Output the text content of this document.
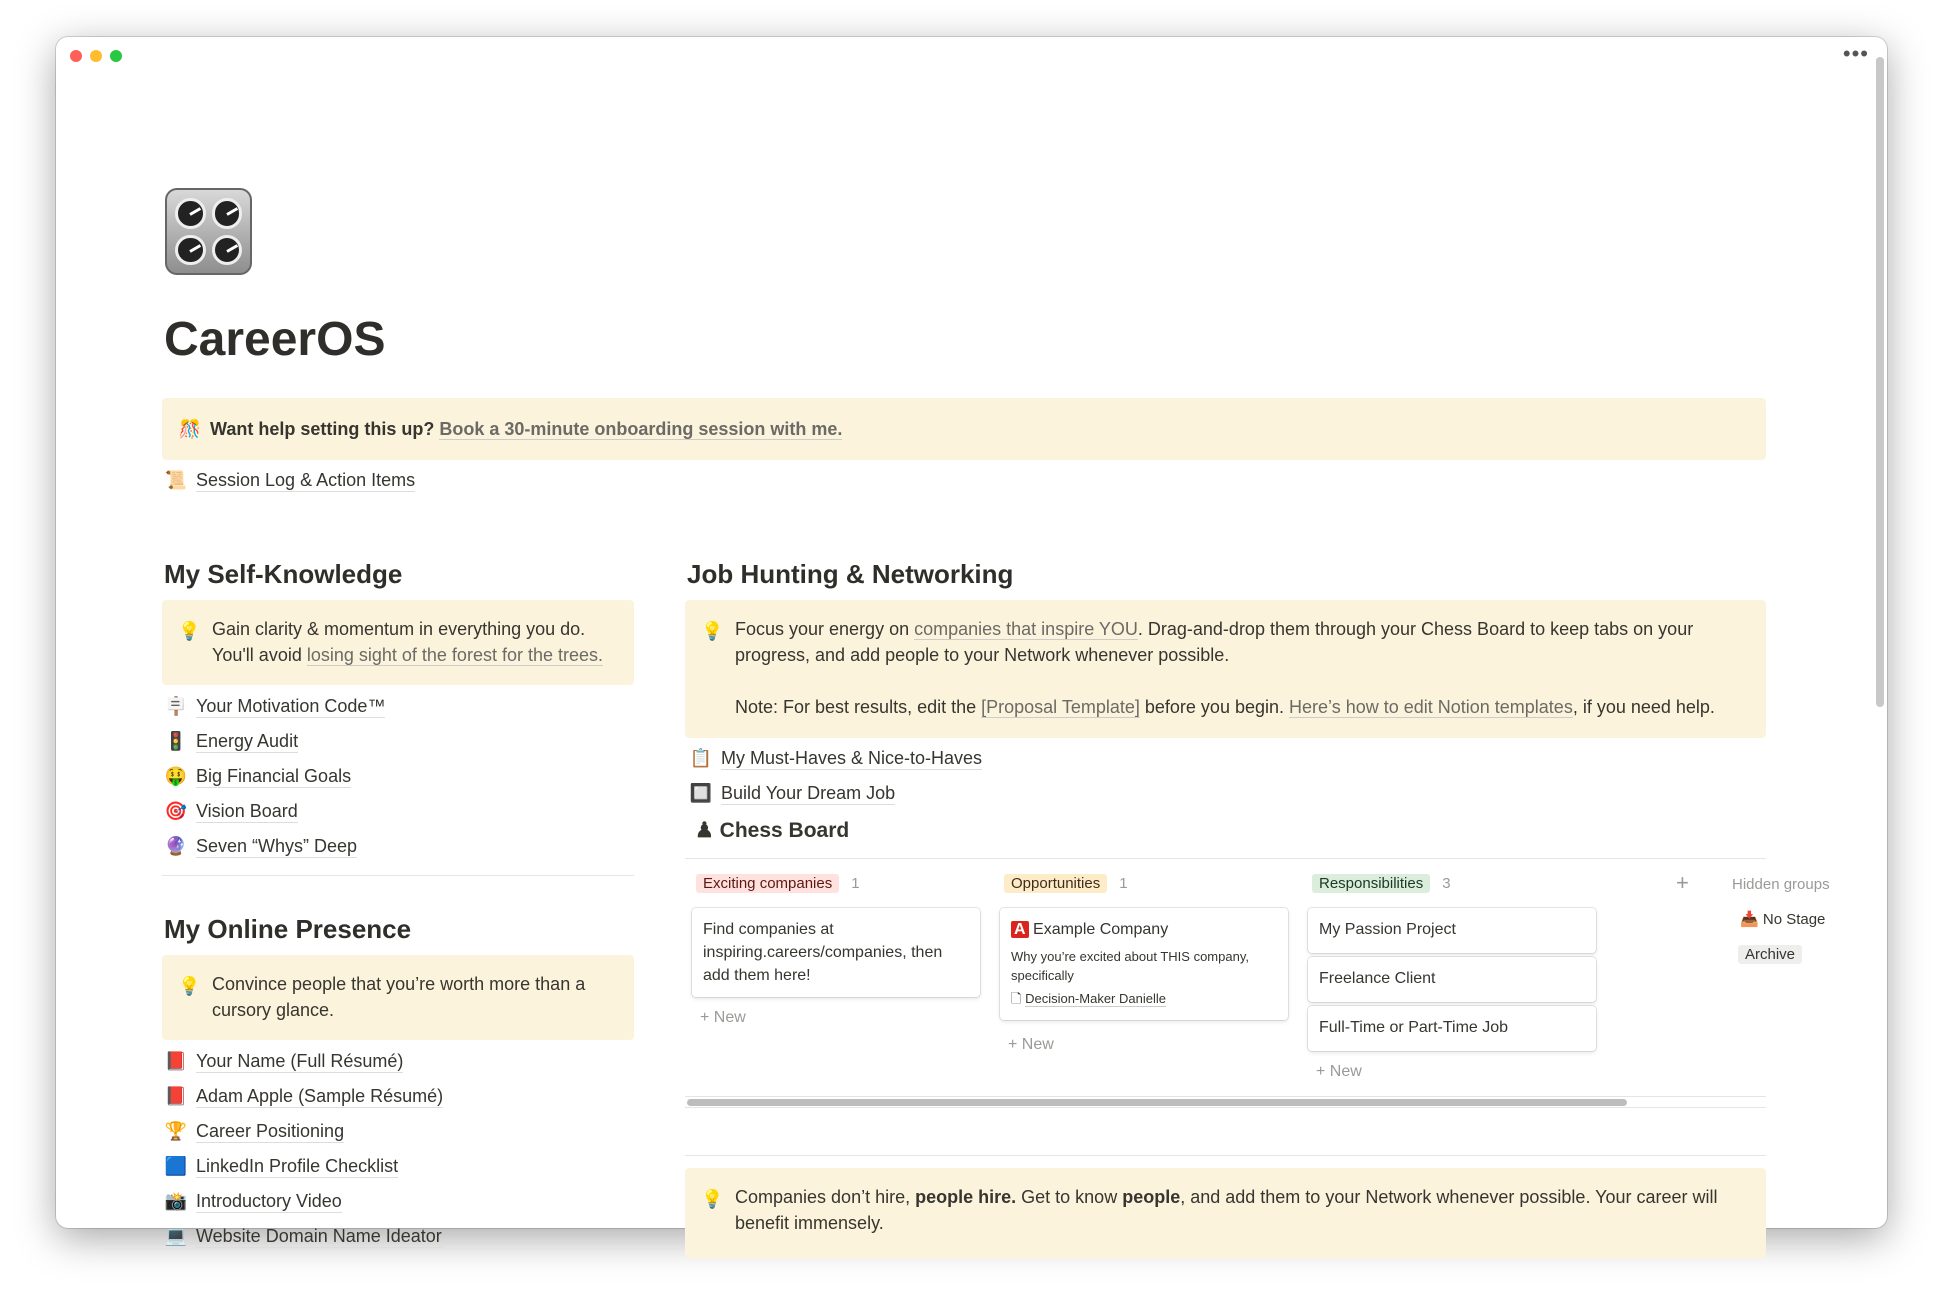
•••
CareerOS
🎊 Want help setting this up? Book a 30-minute onboarding session with me.
📜 Session Log & Action Items
My Self-Knowledge
💡 Gain clarity & momentum in everything you do.
You'll avoid losing sight of the forest for the trees.
🪧 Your Motivation Code™
🚦 Energy Audit
🤑 Big Financial Goals
🎯 Vision Board
🔮 Seven “Whys” Deep
My Online Presence
💡 Convince people that you’re worth more than a cursory glance.
📕 Your Name (Full Résumé)
📕 Adam Apple (Sample Résumé)
🏆 Career Positioning
🟦 LinkedIn Profile Checklist
📸 Introductory Video
💻 Website Domain Name Ideator
Job Hunting & Networking
💡 Focus your energy on companies that inspire YOU. Drag-and-drop them through your Chess Board to keep tabs on your progress, and add people to your Network whenever possible.
Note: For best results, edit the [Proposal Template] before you begin. Here’s how to edit Notion templates, if you need help.
📋 My Must-Haves & Nice-to-Haves
🔲 Build Your Dream Job
♟ Chess Board
Exciting companies 1	Opportunities 1	Responsibilities 3	+	Hidden groups
📥 No Stage
Archive
Find companies at inspiring.careers/companies, then add them here!
+ New
A Example Company
Why you’re excited about THIS company, specifically
🗋 Decision-Maker Danielle
+ New
My Passion Project
Freelance Client
Full-Time or Part-Time Job
+ New
💡 Companies don’t hire, people hire. Get to know people, and add them to your Network whenever possible. Your career will benefit immensely.
